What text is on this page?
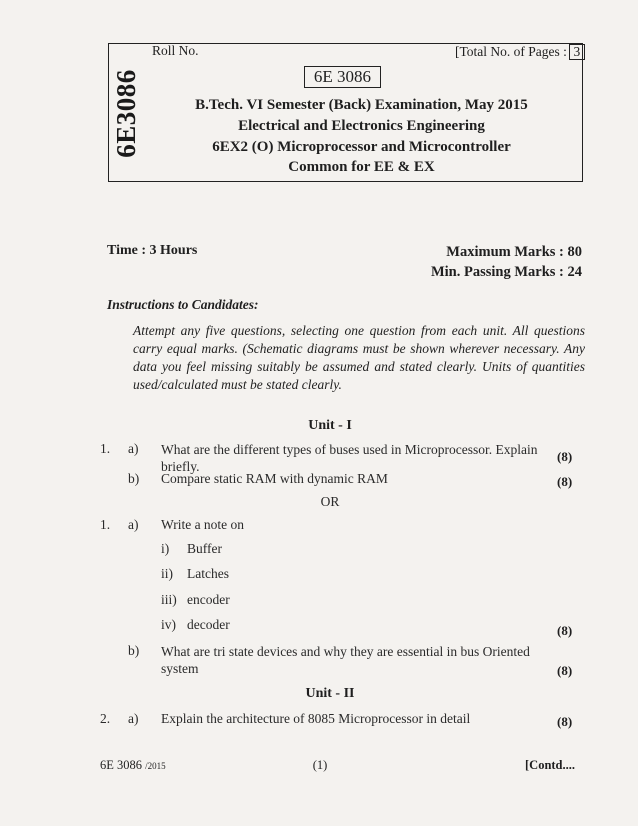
6E3086
Roll No.	[Total No. of Pages : 3
6E 3086
B.Tech. VI Semester (Back) Examination, May 2015
Electrical and Electronics Engineering
6EX2 (O) Microprocessor and Microcontroller
Common for EE & EX
Time : 3 Hours	Maximum Marks : 80
Min. Passing Marks : 24
Instructions to Candidates:
Attempt any five questions, selecting one question from each unit. All questions carry equal marks. (Schematic diagrams must be shown wherever necessary. Any data you feel missing suitably be assumed and stated clearly. Units of quantities used/calculated must be stated clearly.
Unit - I
1. a) What are the different types of buses used in Microprocessor. Explain briefly.
(8)
b) Compare static RAM with dynamic RAM	(8)
OR
1. a) Write a note on
i) Buffer
ii) Latches
iii) encoder
iv) decoder	(8)
b) What are tri state devices and why they are essential in bus Oriented system	(8)
Unit - II
2. a) Explain the architecture of 8085 Microprocessor in detail	(8)
6E 3086 /2015	(1)	[Contd....
